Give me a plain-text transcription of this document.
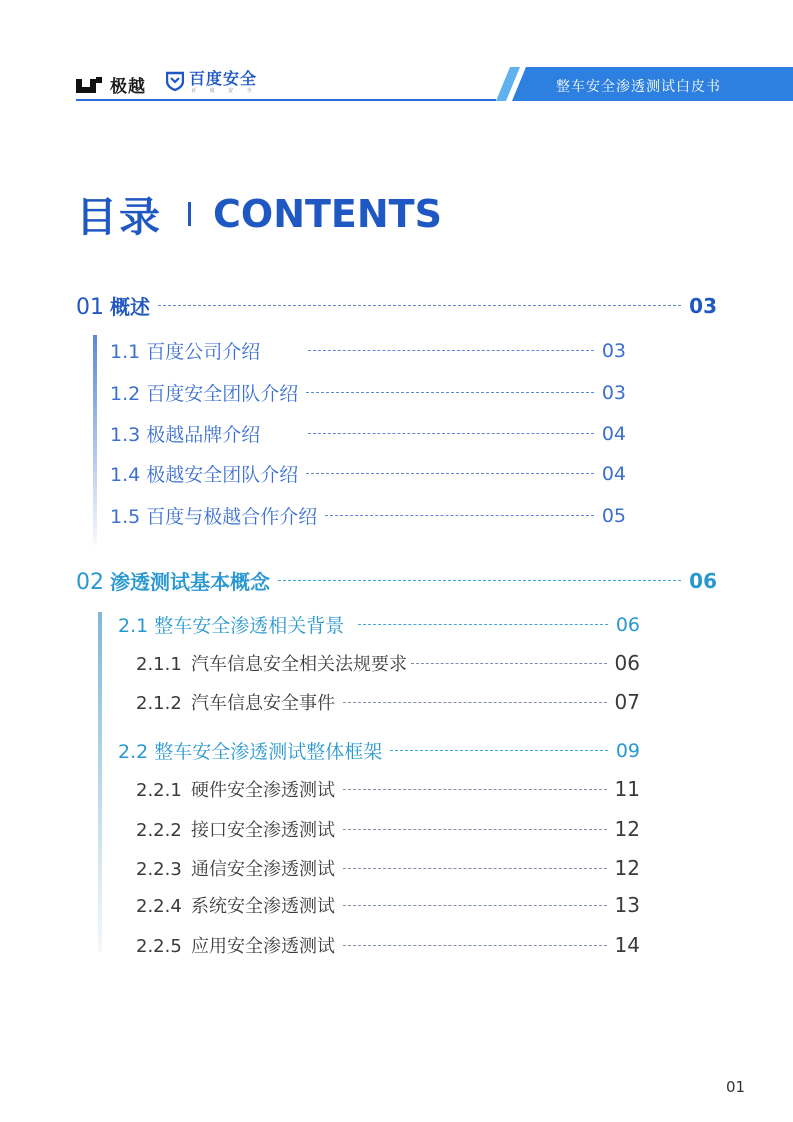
极越	百度安全
百 度 安 全	整车安全渗透测试白皮书
目录 CONTENTS
01 概述	03
1.1 百度公司介绍	03
1.2 百度安全团队介绍	03
1.3 极越品牌介绍	04
1.4 极越安全团队介绍	04
1.5 百度与极越合作介绍	05
02 渗透测试基本概念	06
2.1 整车安全渗透相关背景	06
2.1.1 汽车信息安全相关法规要求	06
2.1.2 汽车信息安全事件	07
2.2 整车安全渗透测试整体框架	09
2.2.1 硬件安全渗透测试	11
2.2.2 接口安全渗透测试	12
2.2.3 通信安全渗透测试	12
2.2.4 系统安全渗透测试	13
2.2.5 应用安全渗透测试	14
01
